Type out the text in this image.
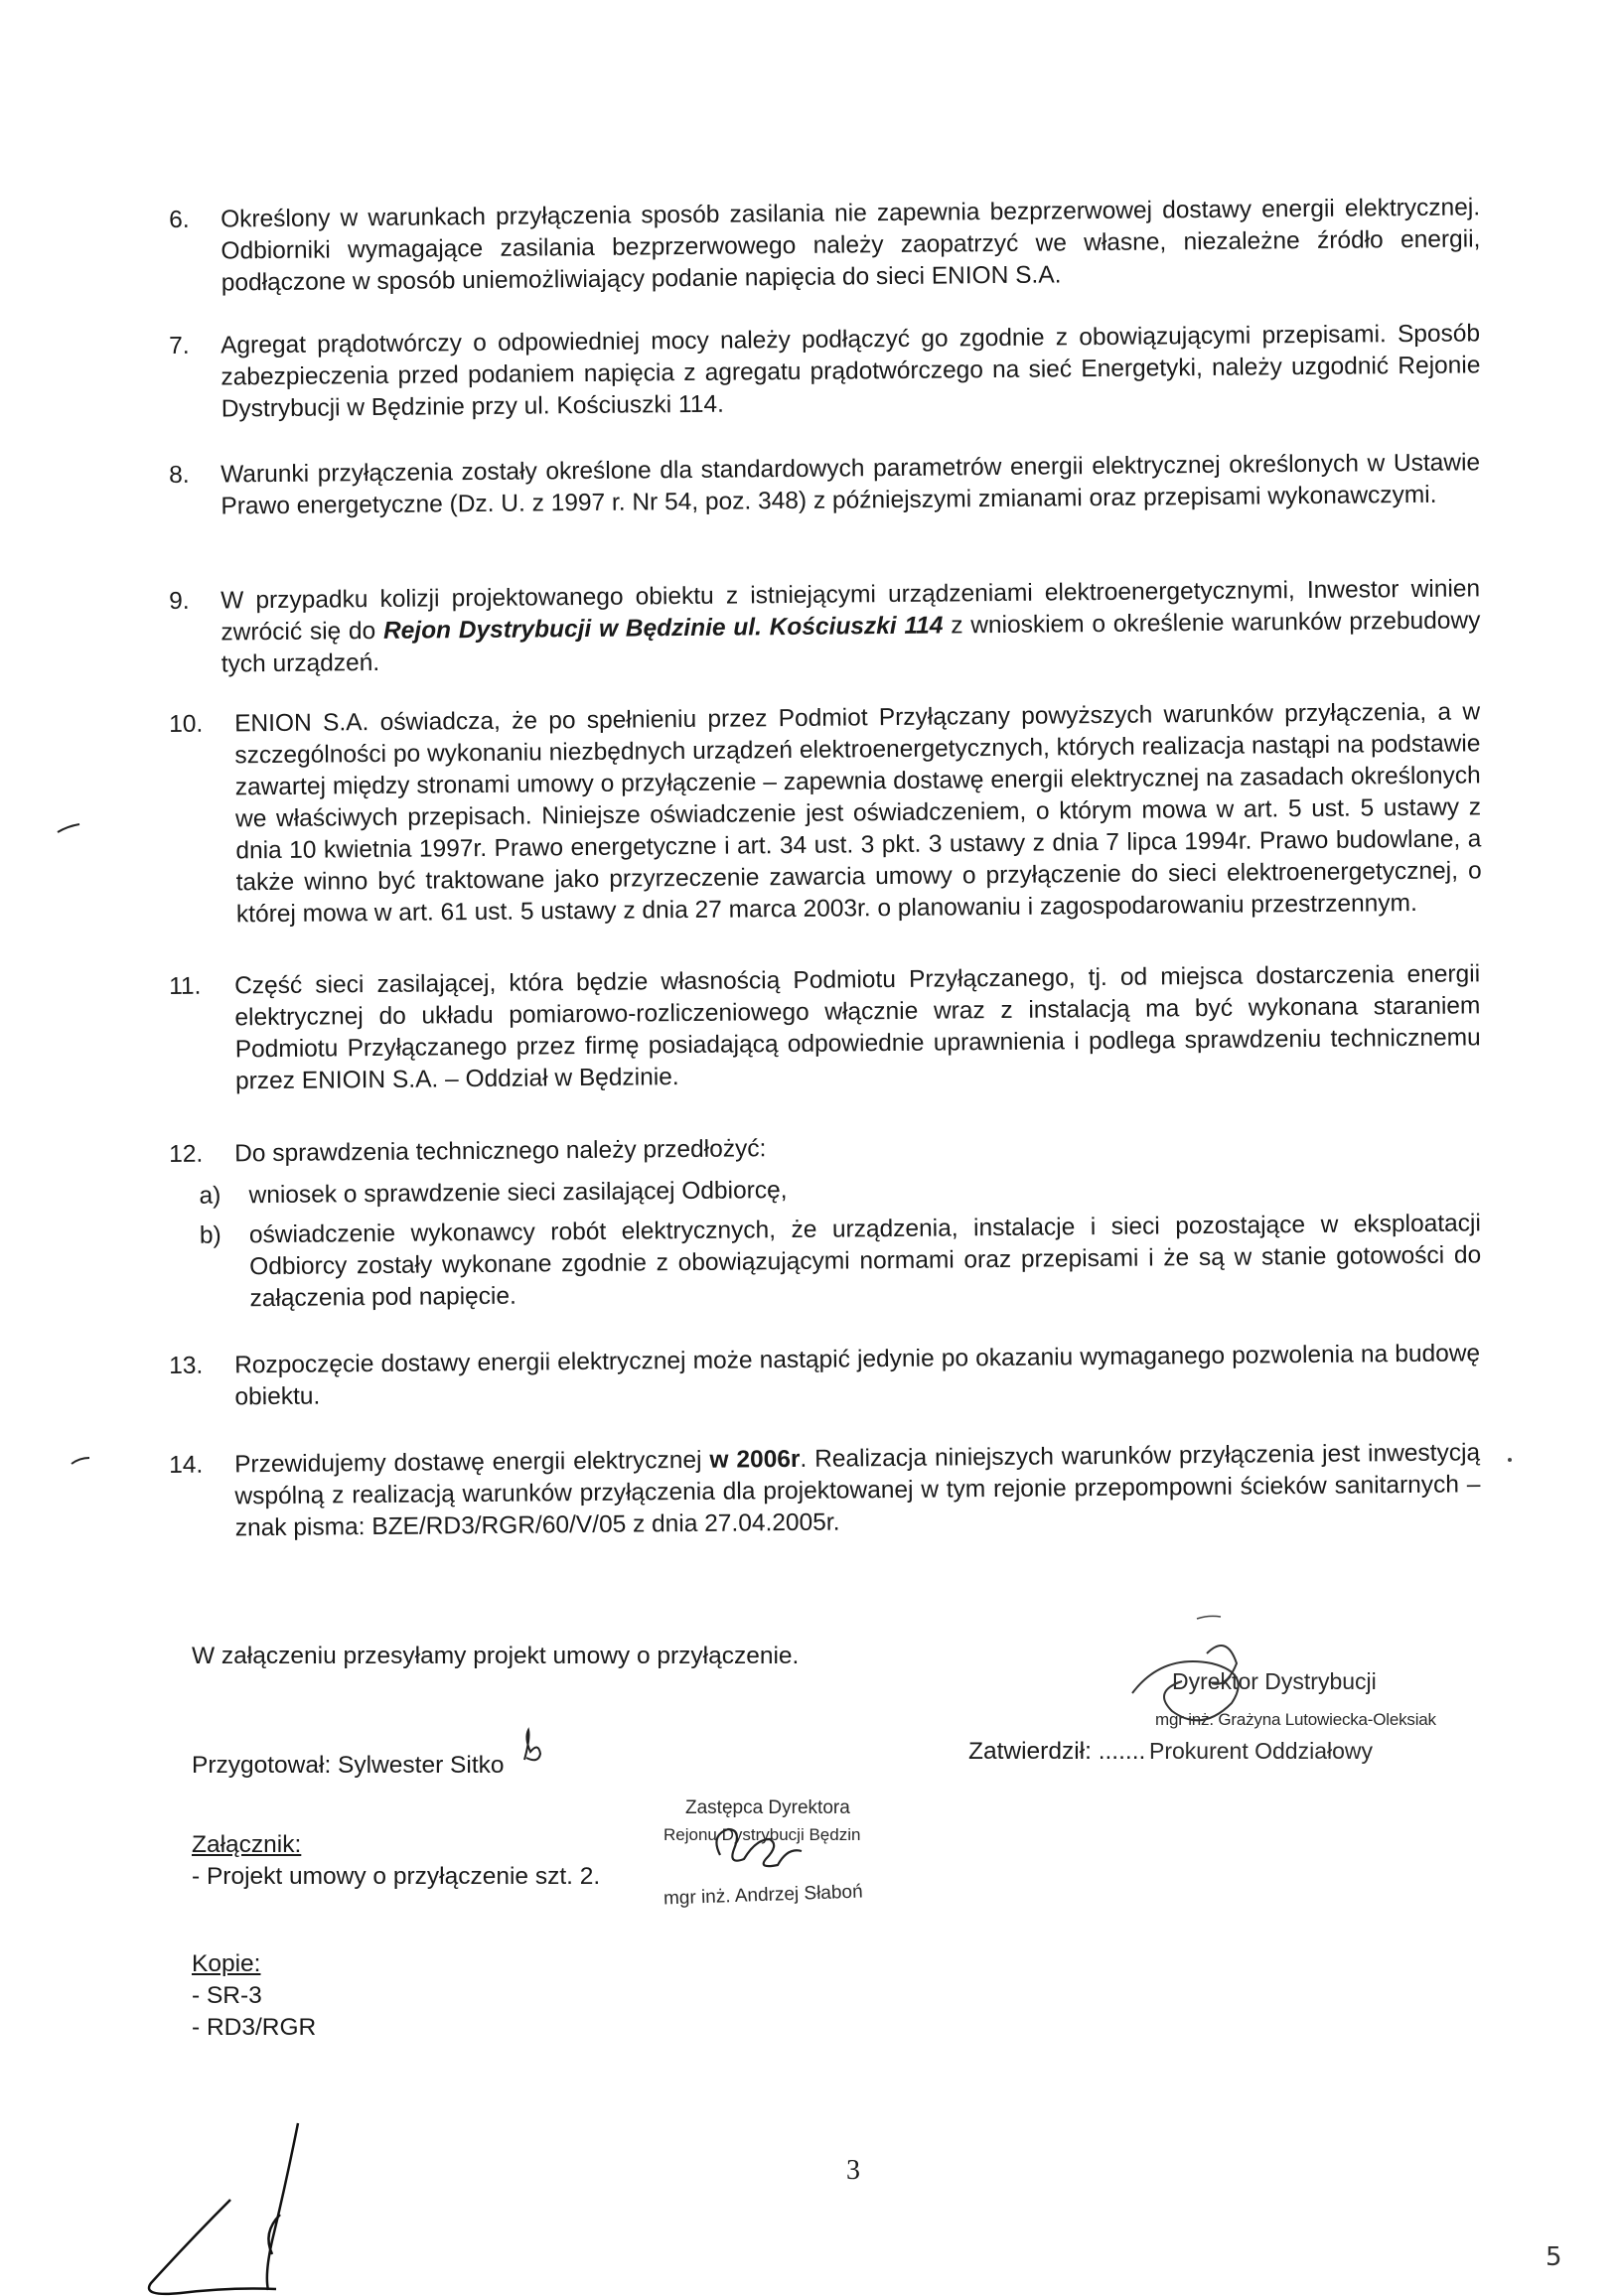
6.	Określony w warunkach przyłączenia sposób zasilania nie zapewnia bezprzerwowej dostawy energii elektrycznej. Odbiorniki wymagające zasilania bezprzerwowego należy zaopatrzyć we własne, niezależne źródło energii, podłączone w sposób uniemożliwiający podanie napięcia do sieci ENION S.A.
7.	Agregat prądotwórczy o odpowiedniej mocy należy podłączyć go zgodnie z obowiązującymi przepisami. Sposób zabezpieczenia przed podaniem napięcia z agregatu prądotwórczego na sieć Energetyki, należy uzgodnić Rejonie Dystrybucji w Będzinie przy ul. Kościuszki 114.
8.	Warunki przyłączenia zostały określone dla standardowych parametrów energii elektrycznej określonych w Ustawie Prawo energetyczne (Dz. U. z 1997 r. Nr 54, poz. 348) z późniejszymi zmianami oraz przepisami wykonawczymi.
9.	W przypadku kolizji projektowanego obiektu z istniejącymi urządzeniami elektroenergetycznymi, Inwestor winien zwrócić się do Rejon Dystrybucji w Będzinie ul. Kościuszki 114 z wnioskiem o określenie warunków przebudowy tych urządzeń.
10.	ENION S.A. oświadcza, że po spełnieniu przez Podmiot Przyłączany powyższych warunków przyłączenia, a w szczególności po wykonaniu niezbędnych urządzeń elektroenergetycznych, których realizacja nastąpi na podstawie zawartej między stronami umowy o przyłączenie – zapewnia dostawę energii elektrycznej na zasadach określonych we właściwych przepisach. Niniejsze oświadczenie jest oświadczeniem, o którym mowa w art. 5 ust. 5 ustawy z dnia 10 kwietnia 1997r. Prawo energetyczne i art. 34 ust. 3 pkt. 3 ustawy z dnia 7 lipca 1994r. Prawo budowlane, a także winno być traktowane jako przyrzeczenie zawarcia umowy o przyłączenie do sieci elektroenergetycznej, o której mowa w art. 61 ust. 5 ustawy z dnia 27 marca 2003r. o planowaniu i zagospodarowaniu przestrzennym.
11.	Część sieci zasilającej, która będzie własnością Podmiotu Przyłączanego, tj. od miejsca dostarczenia energii elektrycznej do układu pomiarowo-rozliczeniowego włącznie wraz z instalacją ma być wykonana staraniem Podmiotu Przyłączanego przez firmę posiadającą odpowiednie uprawnienia i podlega sprawdzeniu technicznemu przez ENIOIN S.A. – Oddział w Będzinie.
12.	Do sprawdzenia technicznego należy przedłożyć:
a)	wniosek o sprawdzenie sieci zasilającej Odbiorcę,
b)	oświadczenie wykonawcy robót elektrycznych, że urządzenia, instalacje i sieci pozostające w eksploatacji Odbiorcy zostały wykonane zgodnie z obowiązującymi normami oraz przepisami i że są w stanie gotowości do załączenia pod napięcie.
13.	Rozpoczęcie dostawy energii elektrycznej może nastąpić jedynie po okazaniu wymaganego pozwolenia na budowę obiektu.
14.	Przewidujemy dostawę energii elektrycznej w 2006r. Realizacja niniejszych warunków przyłączenia jest inwestycją wspólną z realizacją warunków przyłączenia dla projektowanej w tym rejonie przepompowni ścieków sanitarnych – znak pisma: BZE/RD3/RGR/60/V/05 z dnia 27.04.2005r.
W załączeniu przesyłamy projekt umowy o przyłączenie.
Przygotował: Sylwester Sitko
Zatwierdził: .......
Załącznik:
- Projekt umowy o przyłączenie szt. 2.
Kopie:
- SR-3
- RD3/RGR
Dyrektor Dystrybucji
mgr inż. Grażyna Lutowiecka-Oleksiak
Prokurent Oddziałowy
Zastępca Dyrektora
Rejonu Dystrybucji Będzin
mgr inż. Andrzej Słaboń
3
5
